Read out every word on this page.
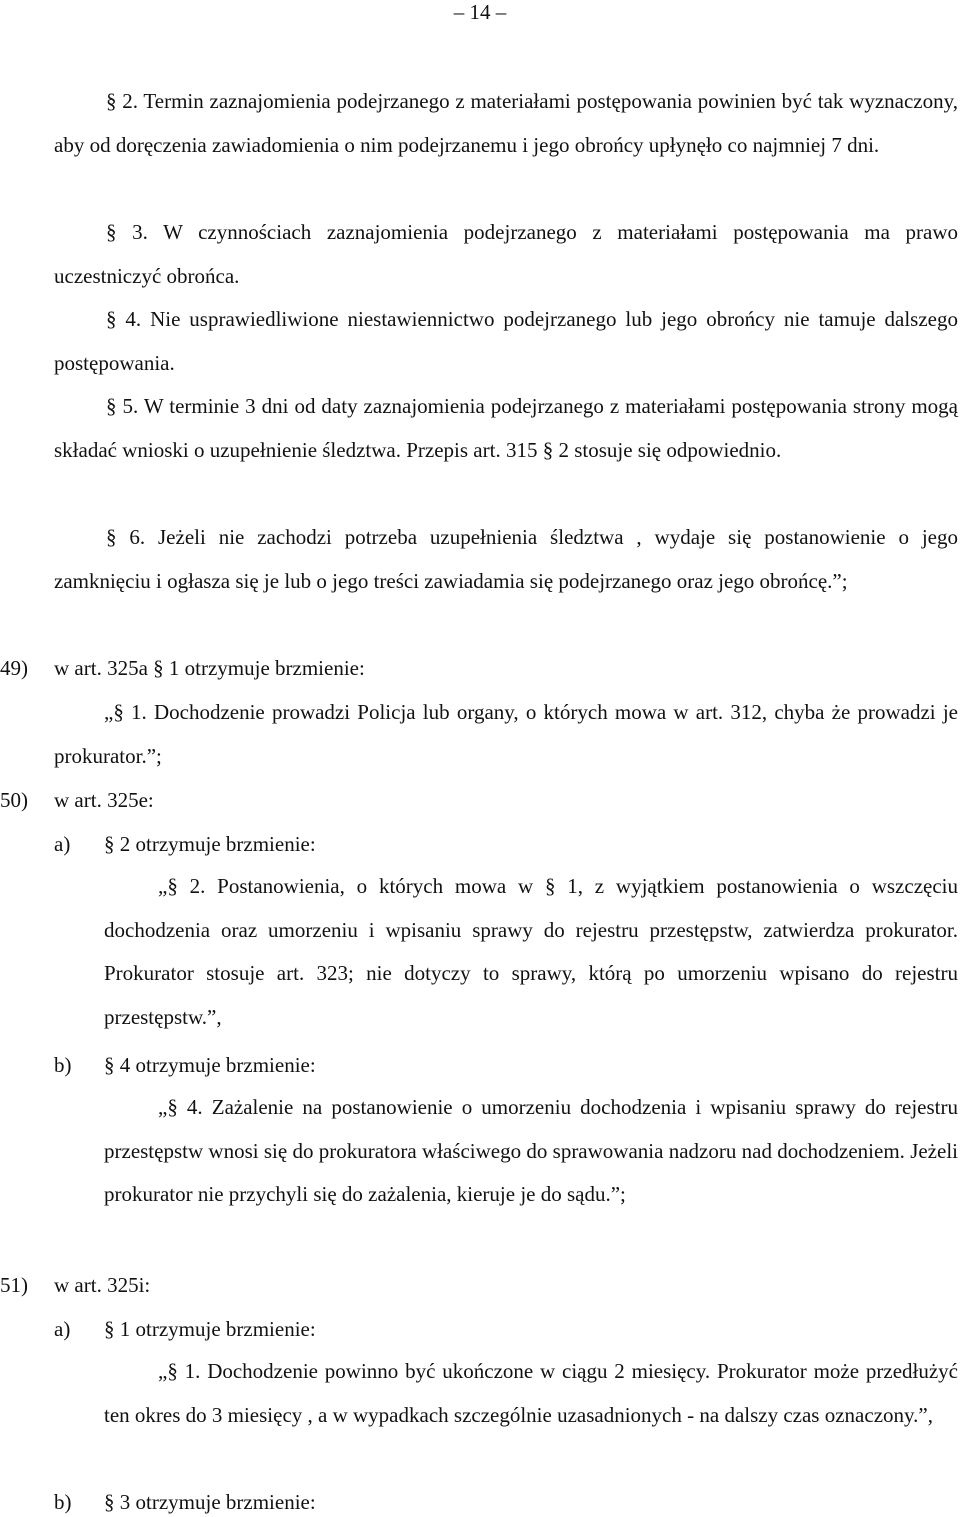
– 14 –
§ 2. Termin zaznajomienia podejrzanego z materiałami postępowania powinien być tak wyznaczony, aby od doręczenia zawiadomienia o nim podejrzanemu i jego obrońcy upłynęło co najmniej 7 dni.
§ 3. W czynnościach zaznajomienia podejrzanego z materiałami postępowania ma prawo uczestniczyć obrońca.
§ 4. Nie usprawiedliwione niestawiennictwo podejrzanego lub jego obrońcy nie tamuje dalszego postępowania.
§ 5. W terminie 3 dni od daty zaznajomienia podejrzanego z materiałami postępowania strony mogą składać wnioski o uzupełnienie śledztwa. Przepis art. 315 § 2 stosuje się odpowiednio.
§ 6. Jeżeli nie zachodzi potrzeba uzupełnienia śledztwa , wydaje się postanowienie o jego zamknięciu i ogłasza się je lub o jego treści zawiadamia się podejrzanego oraz jego obrońcę.”;
49) w art. 325a § 1 otrzymuje brzmienie:
„§ 1. Dochodzenie prowadzi Policja lub organy, o których mowa w art. 312, chyba że prowadzi je prokurator.”;
50) w art. 325e:
a) § 2 otrzymuje brzmienie:
„§ 2. Postanowienia, o których mowa w § 1, z wyjątkiem postanowienia o wszczęciu dochodzenia oraz umorzeniu i wpisaniu sprawy do rejestru przestępstw, zatwierdza prokurator. Prokurator stosuje art. 323; nie dotyczy to sprawy, którą po umorzeniu wpisano do rejestru przestępstw.”,
b) § 4 otrzymuje brzmienie:
„§ 4. Zażalenie na postanowienie o umorzeniu dochodzenia i wpisaniu sprawy do rejestru przestępstw wnosi się do prokuratora właściwego do sprawowania nadzoru nad dochodzeniem. Jeżeli prokurator nie przychyli się do zażalenia, kieruje je do sądu.”;
51) w art. 325i:
a) § 1 otrzymuje brzmienie:
„§ 1. Dochodzenie powinno być ukończone w ciągu 2 miesięcy. Prokurator może przedłużyć ten okres do 3 miesięcy , a w wypadkach szczególnie uzasadnionych - na dalszy czas oznaczony.”,
b) § 3 otrzymuje brzmienie:
